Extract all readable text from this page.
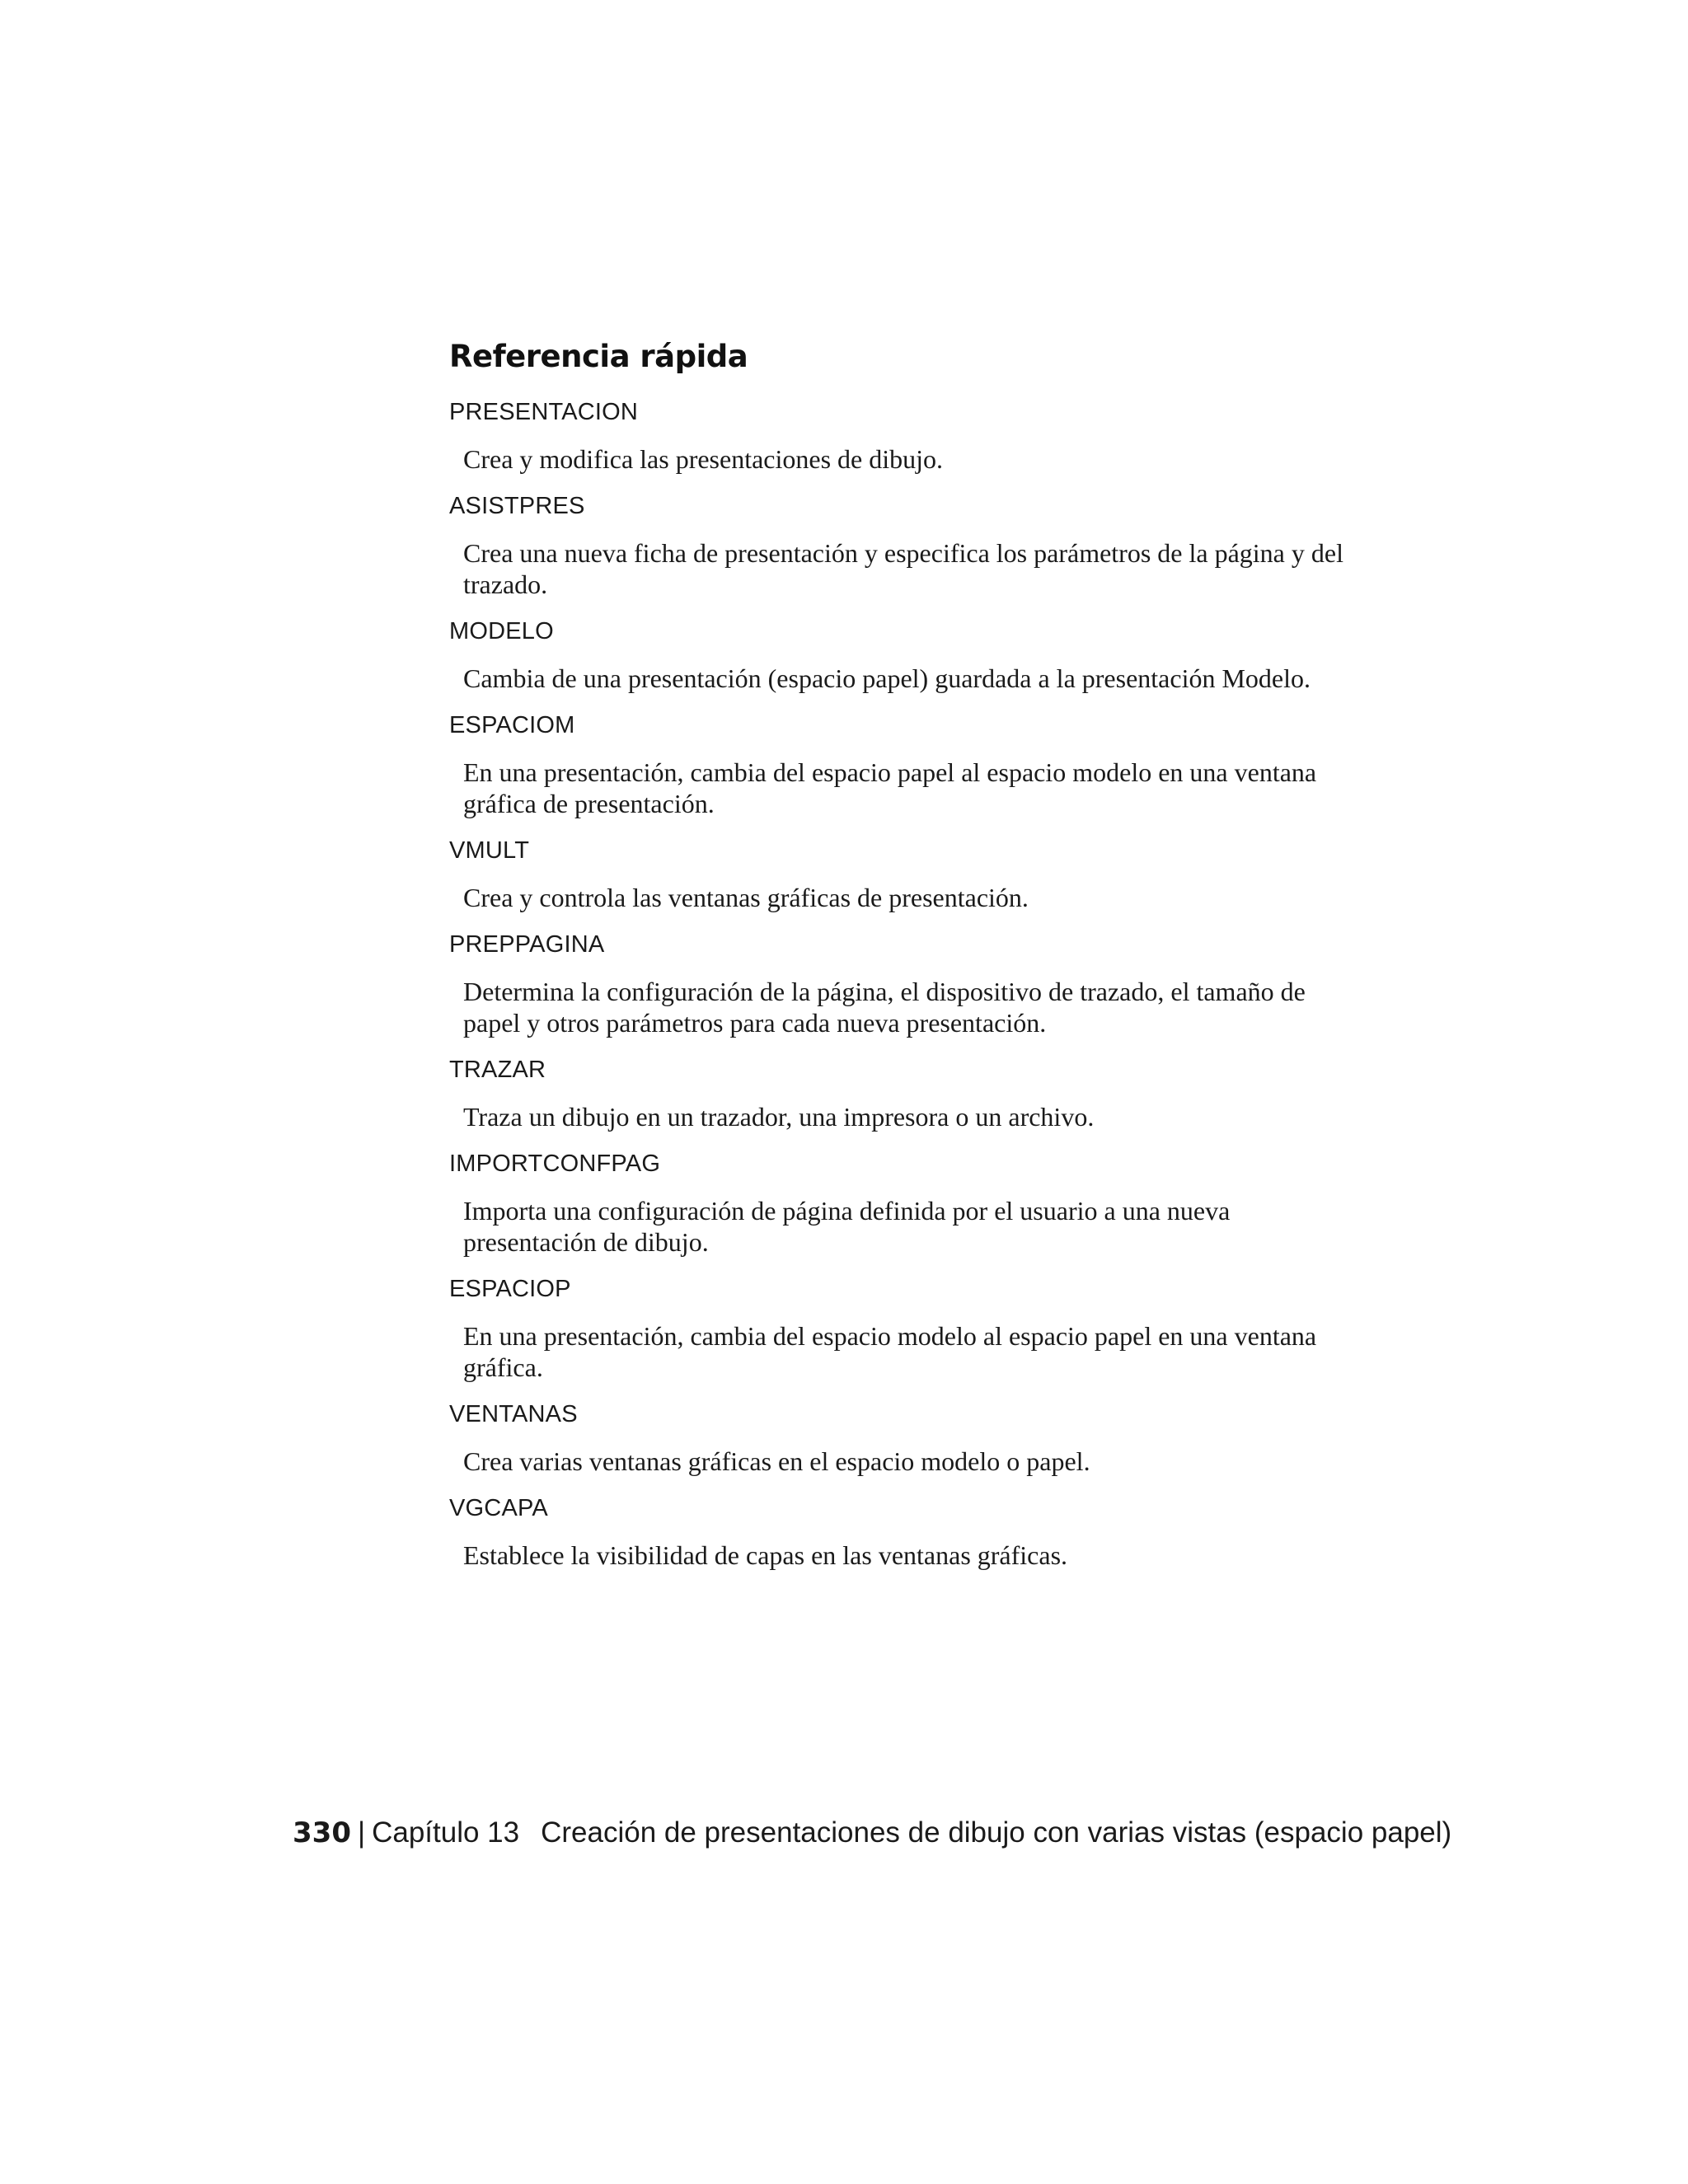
Referencia rápida
PRESENTACION
Crea y modifica las presentaciones de dibujo.
ASISTPRES
Crea una nueva ficha de presentación y especifica los parámetros de la página y del trazado.
MODELO
Cambia de una presentación (espacio papel) guardada a la presentación Modelo.
ESPACIOM
En una presentación, cambia del espacio papel al espacio modelo en una ventana gráfica de presentación.
VMULT
Crea y controla las ventanas gráficas de presentación.
PREPPAGINA
Determina la configuración de la página, el dispositivo de trazado, el tamaño de papel y otros parámetros para cada nueva presentación.
TRAZAR
Traza un dibujo en un trazador, una impresora o un archivo.
IMPORTCONFPAG
Importa una configuración de página definida por el usuario a una nueva presentación de dibujo.
ESPACIOP
En una presentación, cambia del espacio modelo al espacio papel en una ventana gráfica.
VENTANAS
Crea varias ventanas gráficas en el espacio modelo o papel.
VGCAPA
Establece la visibilidad de capas en las ventanas gráficas.
330 | Capítulo 13 Creación de presentaciones de dibujo con varias vistas (espacio papel)
